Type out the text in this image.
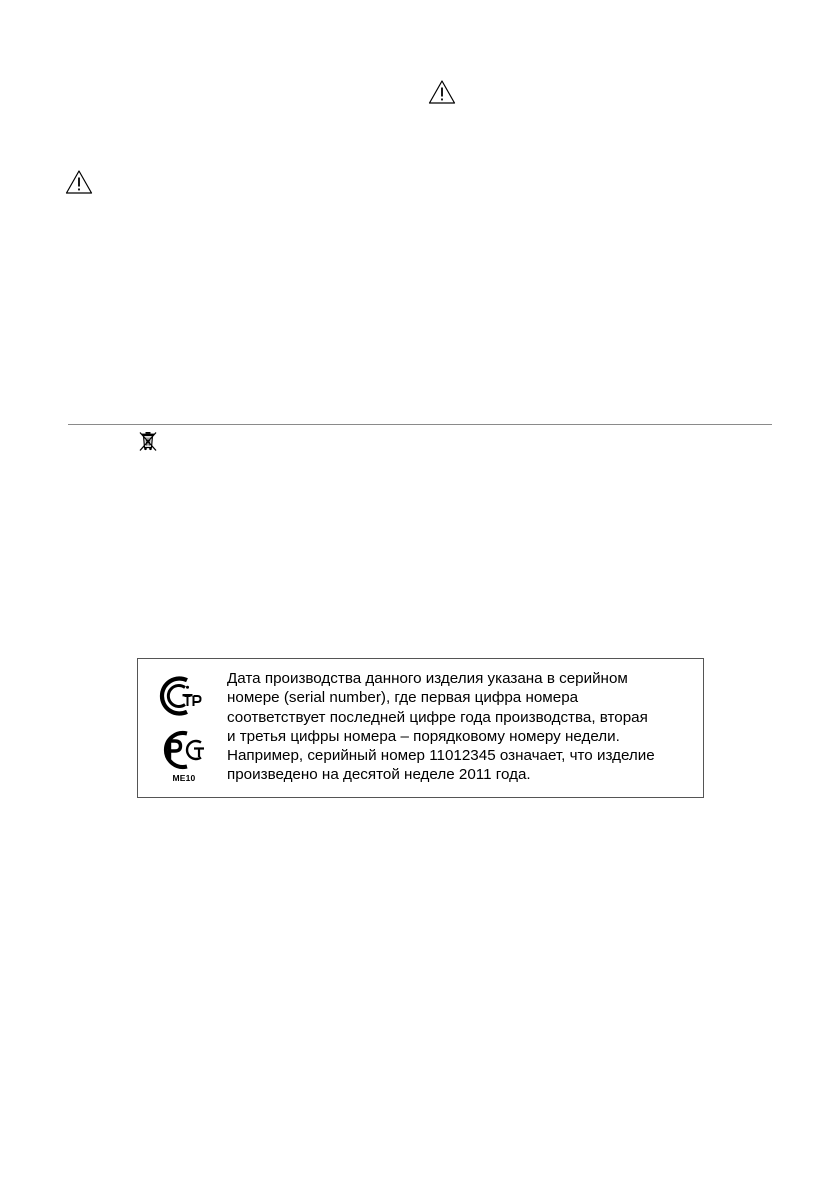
ME10
Дата производства данного изделия указана в серийном
номере (serial number), где первая цифра номера
соответствует последней цифре года производства, вторая
и третья цифры номера – порядковому номеру недели.
Например, серийный номер 11012345 означает, что изделие
произведено на десятой неделе 2011 года.
